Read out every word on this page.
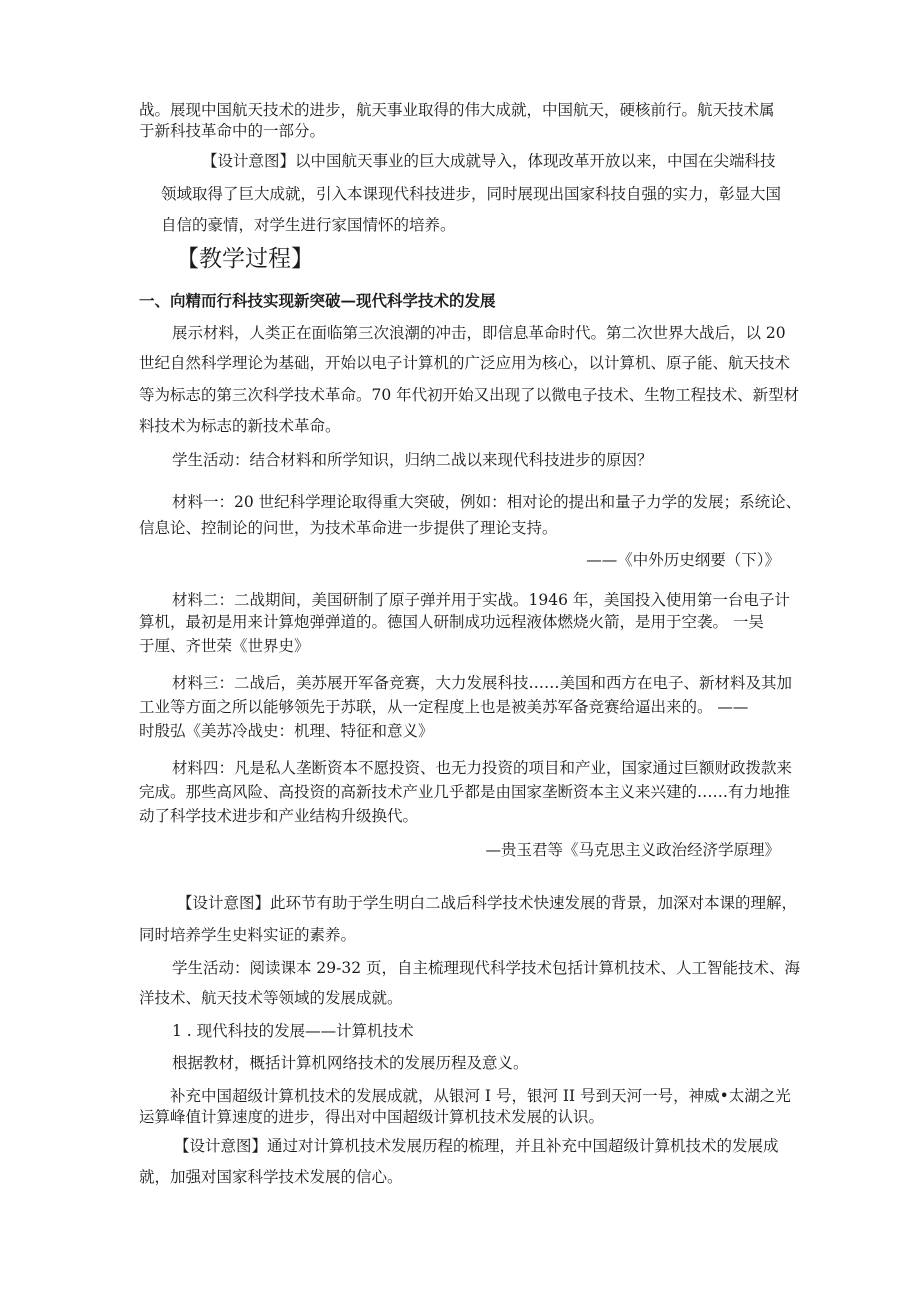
战。展现中国航天技术的进步，航天事业取得的伟大成就，中国航天，硬核前行。航天技术属

于新科技革命中的一部分。

【设计意图】以中国航天事业的巨大成就导入，体现改革开放以来，中国在尖端科技

领域取得了巨大成就，引入本课现代科技进步，同时展现出国家科技自强的实力，彰显大国

自信的豪情，对学生进行家国情怀的培养。

【教学过程】

一、向精而行科技实现新突破—现代科学技术的发展

展示材料，人类正在面临第三次浪潮的冲击，即信息革命时代。第二次世界大战后，以 20

世纪自然科学理论为基础，开始以电子计算机的广泛应用为核心，以计算机、原子能、航天技术

等为标志的第三次科学技术革命。70 年代初开始又出现了以微电子技术、生物工程技术、新型材

料技术为标志的新技术革命。

学生活动：结合材料和所学知识，归纳二战以来现代科技进步的原因？

材料一：20 世纪科学理论取得重大突破，例如：相对论的提出和量子力学的发展；系统论、

信息论、控制论的问世，为技术革命进一步提供了理论支持。

——《中外历史纲要（下）》

材料二：二战期间，美国研制了原子弹并用于实战。1946 年，美国投入使用第一台电子计

算机，最初是用来计算炮弹弹道的。德国人研制成功远程液体燃烧火箭，是用于空袭。 一吴

于厘、齐世荣《世界史》

材料三：二战后，美苏展开军备竞赛，大力发展科技……美国和西方在电子、新材料及其加

工业等方面之所以能够领先于苏联，从一定程度上也是被美苏军备竞赛给逼出来的。 ——

时殷弘《美苏冷战史：机理、特征和意义》

材料四：凡是私人垄断资本不愿投资、也无力投资的项目和产业，国家通过巨额财政拨款来

完成。那些高风险、高投资的高新技术产业几乎都是由国家垄断资本主义来兴建的……有力地推

动了科学技术进步和产业结构升级换代。

—贵玉君等《马克思主义政治经济学原理》

【设计意图】此环节有助于学生明白二战后科学技术快速发展的背景，加深对本课的理解，

同时培养学生史料实证的素养。

学生活动：阅读课本 29-32 页，自主梳理现代科学技术包括计算机技术、人工智能技术、海

洋技术、航天技术等领域的发展成就。

1 . 现代科技的发展——计算机技术

根据教材，概括计算机网络技术的发展历程及意义。

补充中国超级计算机技术的发展成就，从银河 I 号，银河 II 号到天河一号，神威•太湖之光

运算峰值计算速度的进步，得出对中国超级计算机技术发展的认识。

【设计意图】通过对计算机技术发展历程的梳理，并且补充中国超级计算机技术的发展成

就，加强对国家科学技术发展的信心。
